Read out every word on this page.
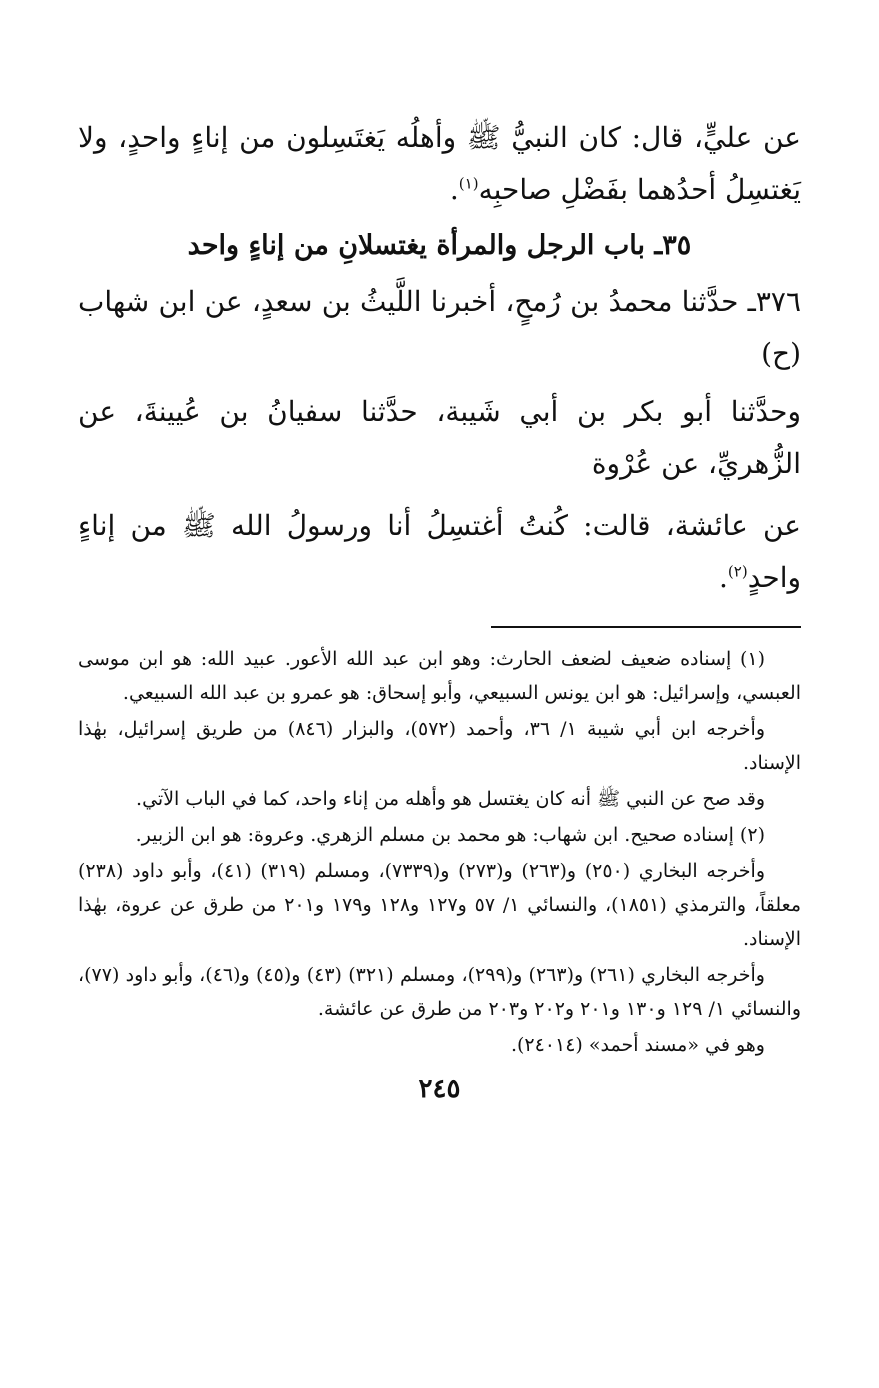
عن عليٍّ، قال: كان النبيُّ ﷺ وأهلُه يَغتَسِلون من إناءٍ واحدٍ، ولا يَغتسِلُ أحدُهما بفَضْلِ صاحبِه$^{(١)}$.

٣٥ـ باب الرجل والمرأة يغتسلانِ من إناءٍ واحد

٣٧٦ـ حدَّثنا محمدُ بن رُمحٍ، أخبرنا اللَّيثُ بن سعدٍ، عن ابن شهاب (ح)

وحدَّثنا أبو بكر بن أبي شَيبة، حدَّثنا سفيانُ بن عُيينةَ، عن الزُّهريِّ، عن عُرْوة

عن عائشة، قالت: كُنتُ أغتسِلُ أنا ورسولُ الله ﷺ من إناءٍ واحدٍ$^{(٢)}$.

(١) إسناده ضعيف لضعف الحارث: وهو ابن عبد الله الأعور. عبيد الله: هو ابن موسى العبسي، وإسرائيل: هو ابن يونس السبيعي، وأبو إسحاق: هو عمرو بن عبد الله السبيعي.

وأخرجه ابن أبي شيبة ١/ ٣٦، وأحمد (٥٧٢)، والبزار (٨٤٦) من طريق إسرائيل، بهٰذا الإسناد.

وقد صح عن النبي ﷺ أنه كان يغتسل هو وأهله من إناء واحد، كما في الباب الآتي.

(٢) إسناده صحيح. ابن شهاب: هو محمد بن مسلم الزهري. وعروة: هو ابن الزبير.

وأخرجه البخاري (٢٥٠) و(٢٦٣) و(٢٧٣) و(٧٣٣٩)، ومسلم (٣١٩) (٤١)، وأبو داود (٢٣٨) معلقاً، والترمذي (١٨٥١)، والنسائي ١/ ٥٧ و١٢٧ و١٢٨ و١٧٩ و٢٠١ من طرق عن عروة، بهٰذا الإسناد.

وأخرجه البخاري (٢٦١) و(٢٦٣) و(٢٩٩)، ومسلم (٣٢١) (٤٣) و(٤٥) و(٤٦)، وأبو داود (٧٧)، والنسائي ١/ ١٢٩ و١٣٠ و٢٠١ و٢٠٢ و٢٠٣ من طرق عن عائشة.

وهو في «مسند أحمد» (٢٤٠١٤).

٢٤٥
